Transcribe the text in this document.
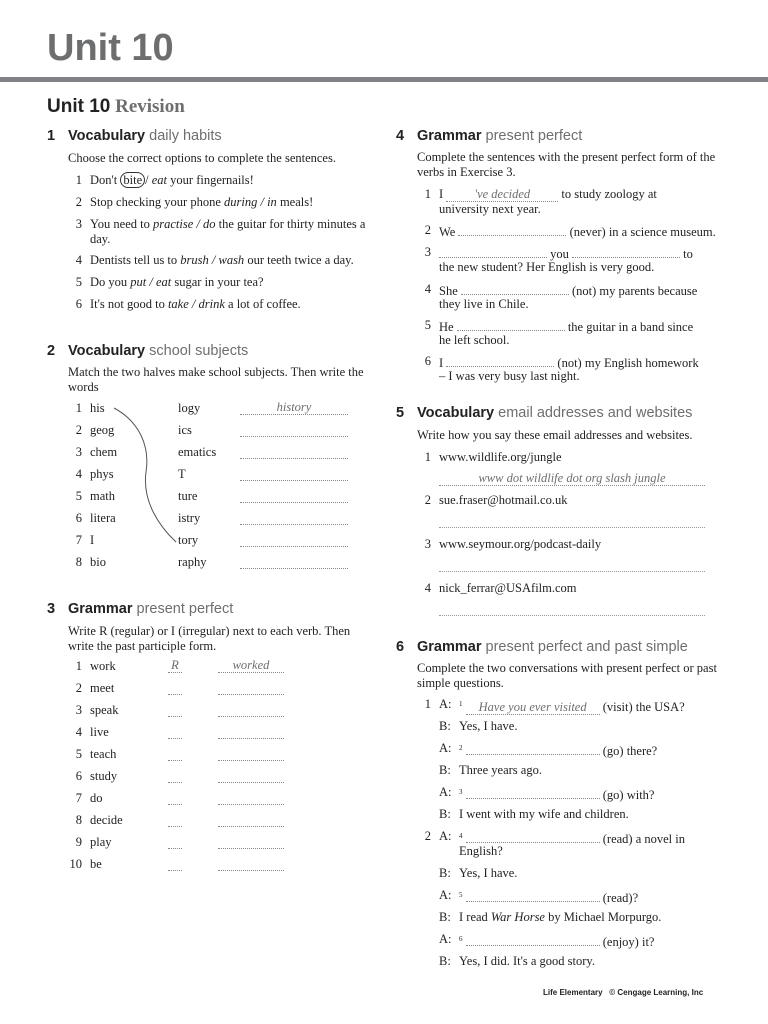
Unit 10
Unit 10 Revision
1 Vocabulary daily habits
Choose the correct options to complete the sentences.
1 Don't bite / eat your fingernails!
2 Stop checking your phone during / in meals!
3 You need to practise / do the guitar for thirty minutes a day.
4 Dentists tell us to brush / wash our teeth twice a day.
5 Do you put / eat sugar in your tea?
6 It's not good to take / drink a lot of coffee.
2 Vocabulary school subjects
Match the two halves make school subjects. Then write the words
1 his	logy	history
2 geog	ics
3 chem	ematics
4 phys	T
5 math	ture
6 litera	istry
7 I	tory
8 bio	raphy
3 Grammar present perfect
Write R (regular) or I (irregular) next to each verb. Then write the past participle form.
1 work	R	worked
2 meet
3 speak
4 live
5 teach
6 study
7 do
8 decide
9 play
10 be
4 Grammar present perfect
Complete the sentences with the present perfect form of the verbs in Exercise 3.
1 I 've decided to study zoology at
university next year.
2 We	(never) in a science museum.
3	you	to
the new student? Her English is very good.
4 She	(not) my parents because
they live in Chile.
5 He	the guitar in a band since
he left school.
6 I	(not) my English homework
– I was very busy last night.
5 Vocabulary email addresses and websites
Write how you say these email addresses and websites.
1 www.wildlife.org/jungle
www dot wildlife dot org slash jungle
2 sue.fraser@hotmail.co.uk
3 www.seymour.org/podcast-daily
4 nick_ferrar@USAfilm.com
6 Grammar present perfect and past simple
Complete the two conversations with present perfect or past simple questions.
1 A: $^1$ Have you ever visited (visit) the USA?
B: Yes, I have.
A: $^2$	(go) there?
B: Three years ago.
A: $^3$	(go) with?
B: I went with my wife and children.
2 A: $^4$	(read) a novel in
English?
B: Yes, I have.
A: $^5$	(read)?
B: I read War Horse by Michael Morpurgo.
A: $^6$	(enjoy) it?
B: Yes, I did. It's a good story.
Life Elementary © Cengage Learning, Inc
